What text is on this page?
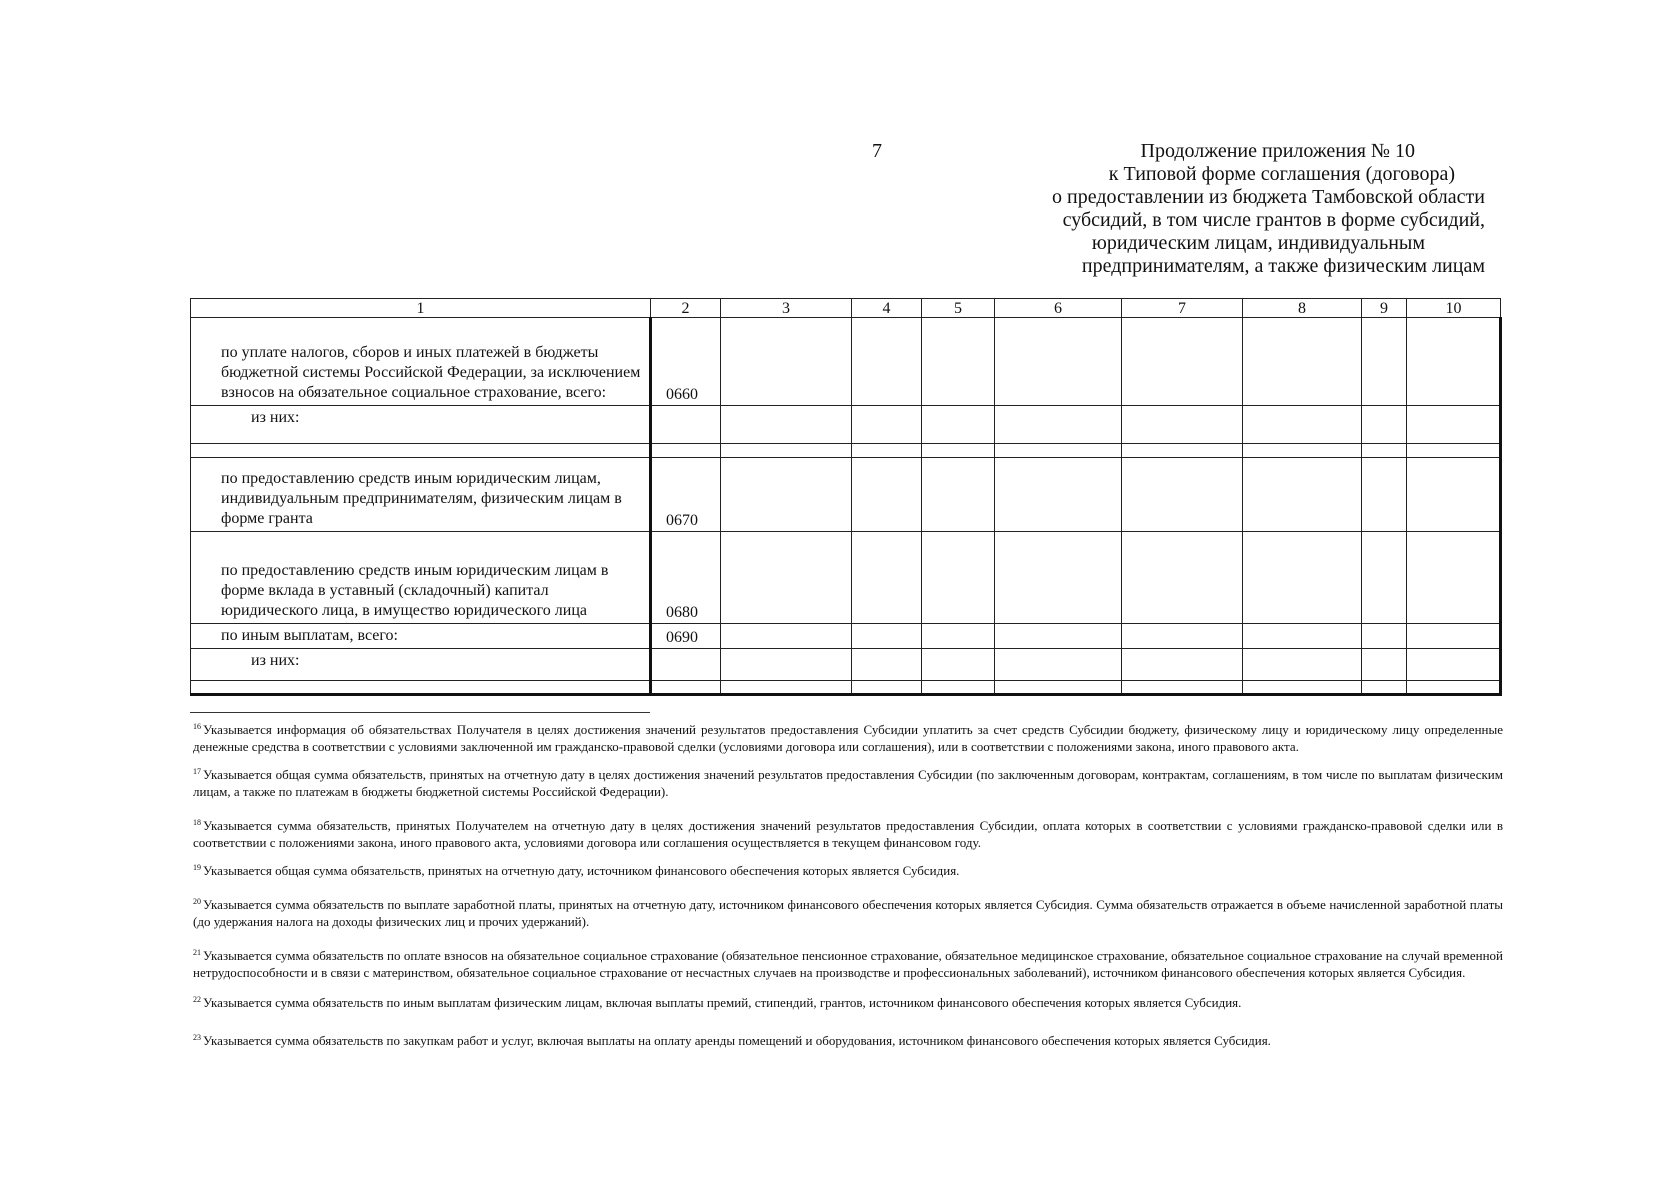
7	Продолжение приложения № 10
к Типовой форме соглашения (договора)
о предоставлении из бюджета Тамбовской области
субсидий, в том числе грантов в форме субсидий,
юридическим лицам, индивидуальным
предпринимателям, а также физическим лицам
1	2	3	4	5	6	7	8	9	10
по уплате налогов, сборов и иных платежей в бюджеты бюджетной системы Российской Федерации, за исключением взносов на обязательное социальное страхование, всего:	0660								
из них:									

по предоставлению средств иным юридическим лицам, индивидуальным предпринимателям, физическим лицам в форме гранта	0670								
по предоставлению средств иным юридическим лицам в форме вклада в уставный (складочный) капитал юридического лица, в имущество юридического лица	0680								
по иным выплатам, всего:	0690								
из них:									

$^{16}$ Указывается информация об обязательствах Получателя в целях достижения значений результатов предоставления Субсидии уплатить за счет средств Субсидии бюджету, физическому лицу и юридическому лицу определенные денежные средства в соответствии с условиями заключенной им гражданско-правовой сделки (условиями договора или соглашения), или в соответствии с положениями закона, иного правового акта.
$^{17}$ Указывается общая сумма обязательств, принятых на отчетную дату в целях достижения значений результатов предоставления Субсидии (по заключенным договорам, контрактам, соглашениям, в том числе по выплатам физическим лицам, а также по платежам в бюджеты бюджетной системы Российской Федерации).
$^{18}$ Указывается сумма обязательств, принятых Получателем на отчетную дату в целях достижения значений результатов предоставления Субсидии, оплата которых в соответствии с условиями гражданско-правовой сделки или в соответствии с положениями закона, иного правового акта, условиями договора или соглашения осуществляется в текущем финансовом году.
$^{19}$ Указывается общая сумма обязательств, принятых на отчетную дату, источником финансового обеспечения которых является Субсидия.
$^{20}$ Указывается сумма обязательств по выплате заработной платы, принятых на отчетную дату, источником финансового обеспечения которых является Субсидия. Сумма обязательств отражается в объеме начисленной заработной платы (до удержания налога на доходы физических лиц и прочих удержаний).
$^{21}$ Указывается сумма обязательств по оплате взносов на обязательное социальное страхование (обязательное пенсионное страхование, обязательное медицинское страхование, обязательное социальное страхование на случай временной нетрудоспособности и в связи с материнством, обязательное социальное страхование от несчастных случаев на производстве и профессиональных заболеваний), источником финансового обеспечения которых является Субсидия.
$^{22}$ Указывается сумма обязательств по иным выплатам физическим лицам, включая выплаты премий, стипендий, грантов, источником финансового обеспечения которых является Субсидия.
$^{23}$ Указывается сумма обязательств по закупкам работ и услуг, включая выплаты на оплату аренды помещений и оборудования, источником финансового обеспечения которых является Субсидия.
